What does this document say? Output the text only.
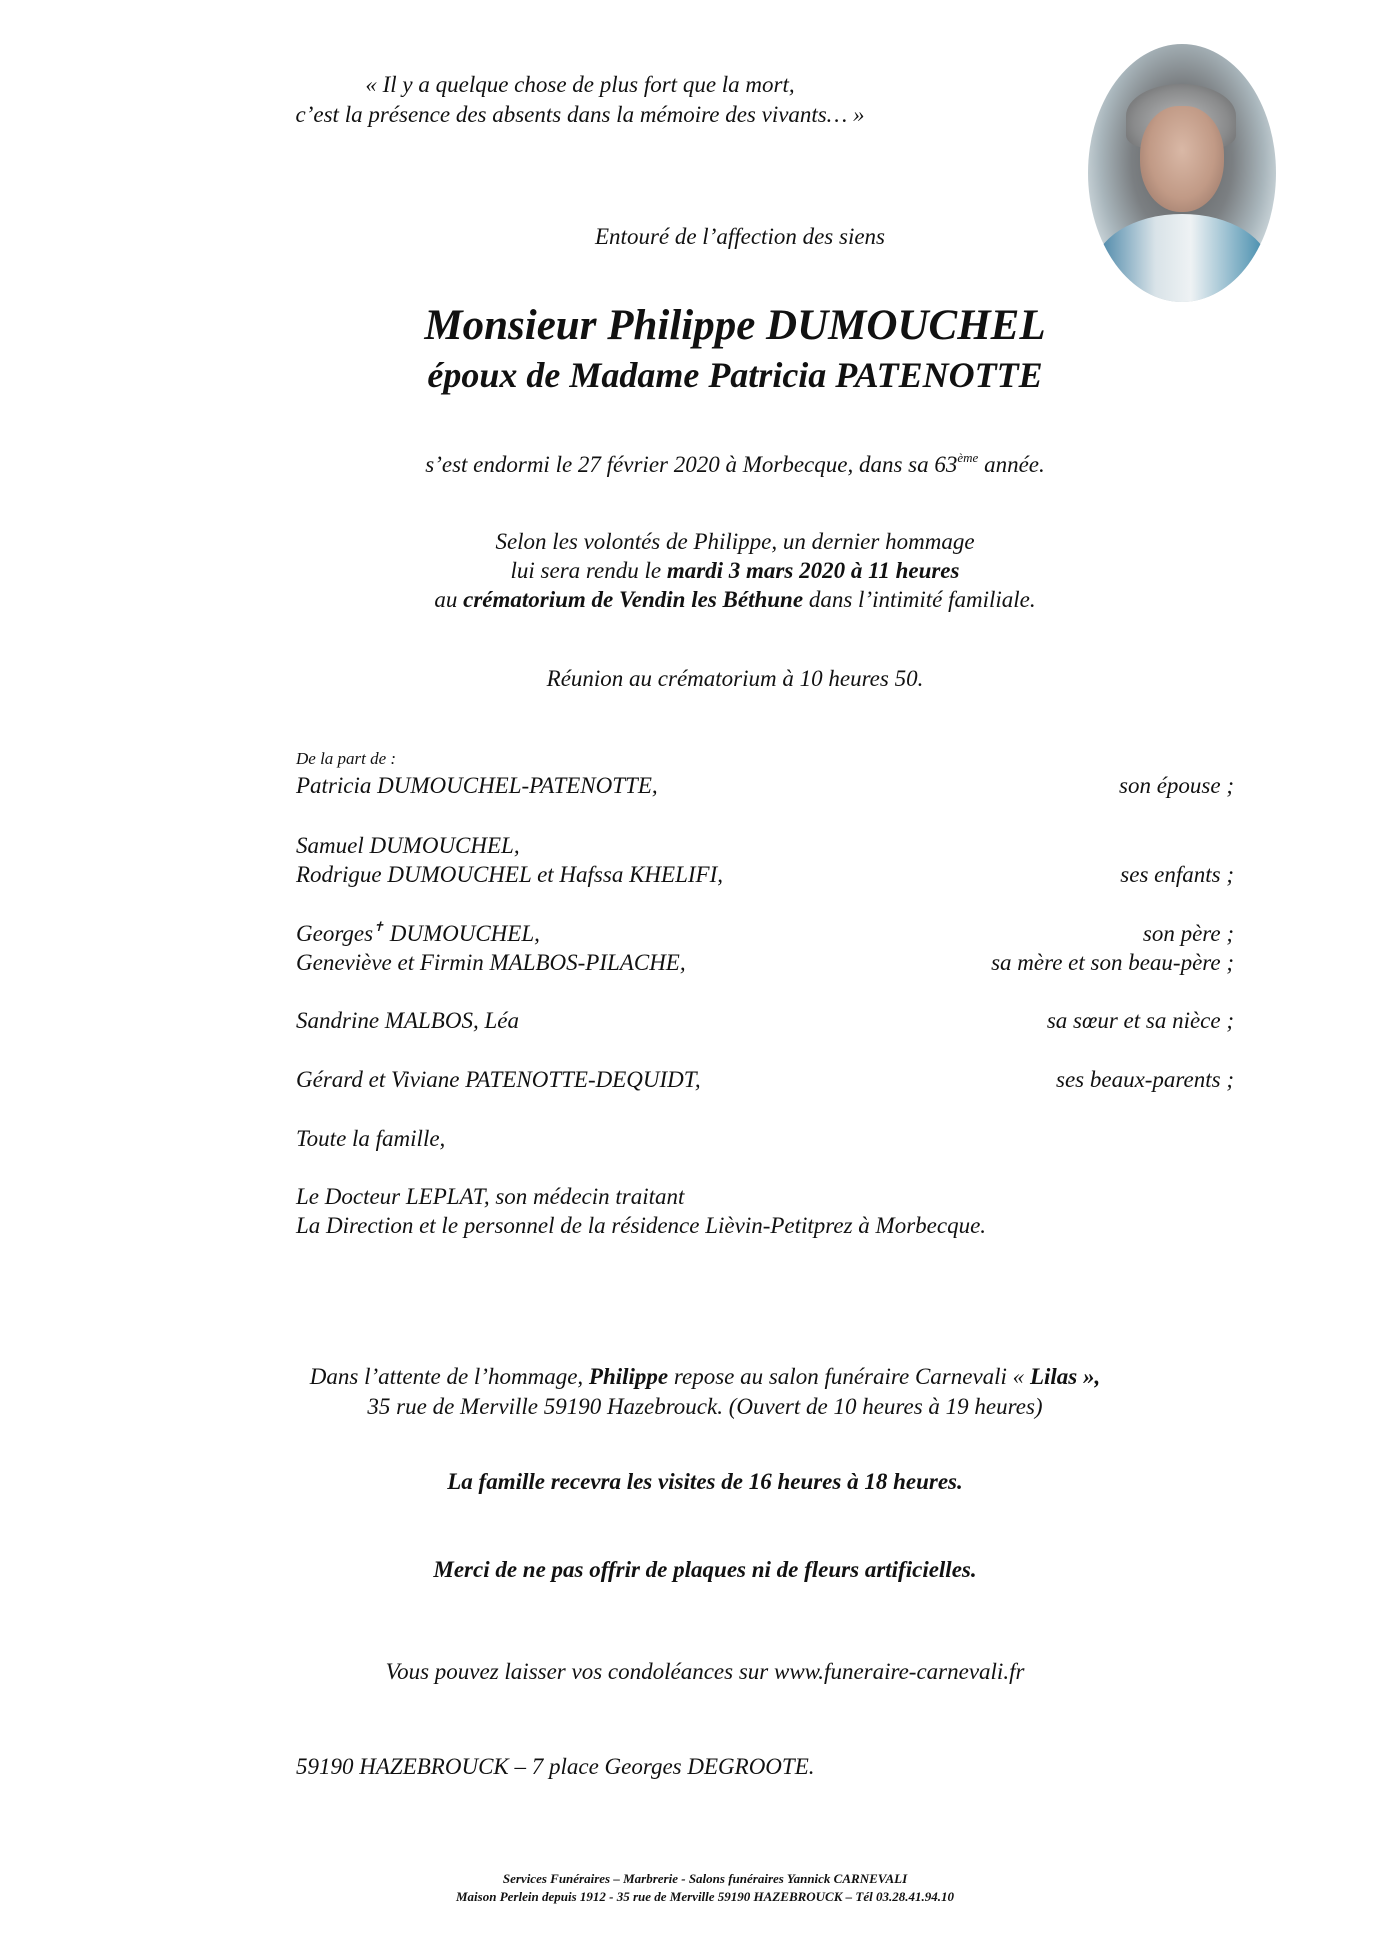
« Il y a quelque chose de plus fort que la mort,
c’est la présence des absents dans la mémoire des vivants… »
Entouré de l’affection des siens
Monsieur Philippe DUMOUCHEL
époux de Madame Patricia PATENOTTE
s’est endormi le 27 février 2020 à Morbecque, dans sa 63ème année.
Selon les volontés de Philippe, un dernier hommage
lui sera rendu le mardi 3 mars 2020 à 11 heures
au crématorium de Vendin les Béthune dans l’intimité familiale.
Réunion au crématorium à 10 heures 50.
De la part de :
Patricia DUMOUCHEL-PATENOTTE,	son épouse ;
Samuel DUMOUCHEL,
Rodrigue DUMOUCHEL et Hafssa KHELIFI,	ses enfants ;
Georges✝ DUMOUCHEL,	son père ;
Geneviève et Firmin MALBOS-PILACHE,	sa mère et son beau-père ;
Sandrine MALBOS, Léa	sa sœur et sa nièce ;
Gérard et Viviane PATENOTTE-DEQUIDT,	ses beaux-parents ;
Toute la famille,
Le Docteur LEPLAT, son médecin traitant
La Direction et le personnel de la résidence Lièvin-Petitprez à Morbecque.
Dans l’attente de l’hommage, Philippe repose au salon funéraire Carnevali « Lilas »,
35 rue de Merville 59190 Hazebrouck. (Ouvert de 10 heures à 19 heures)
La famille recevra les visites de 16 heures à 18 heures.
Merci de ne pas offrir de plaques ni de fleurs artificielles.
Vous pouvez laisser vos condoléances sur www.funeraire-carnevali.fr
59190 HAZEBROUCK – 7 place Georges DEGROOTE.
Services Funéraires – Marbrerie - Salons funéraires Yannick CARNEVALI
Maison Perlein depuis 1912 - 35 rue de Merville 59190 HAZEBROUCK – Tél 03.28.41.94.10
